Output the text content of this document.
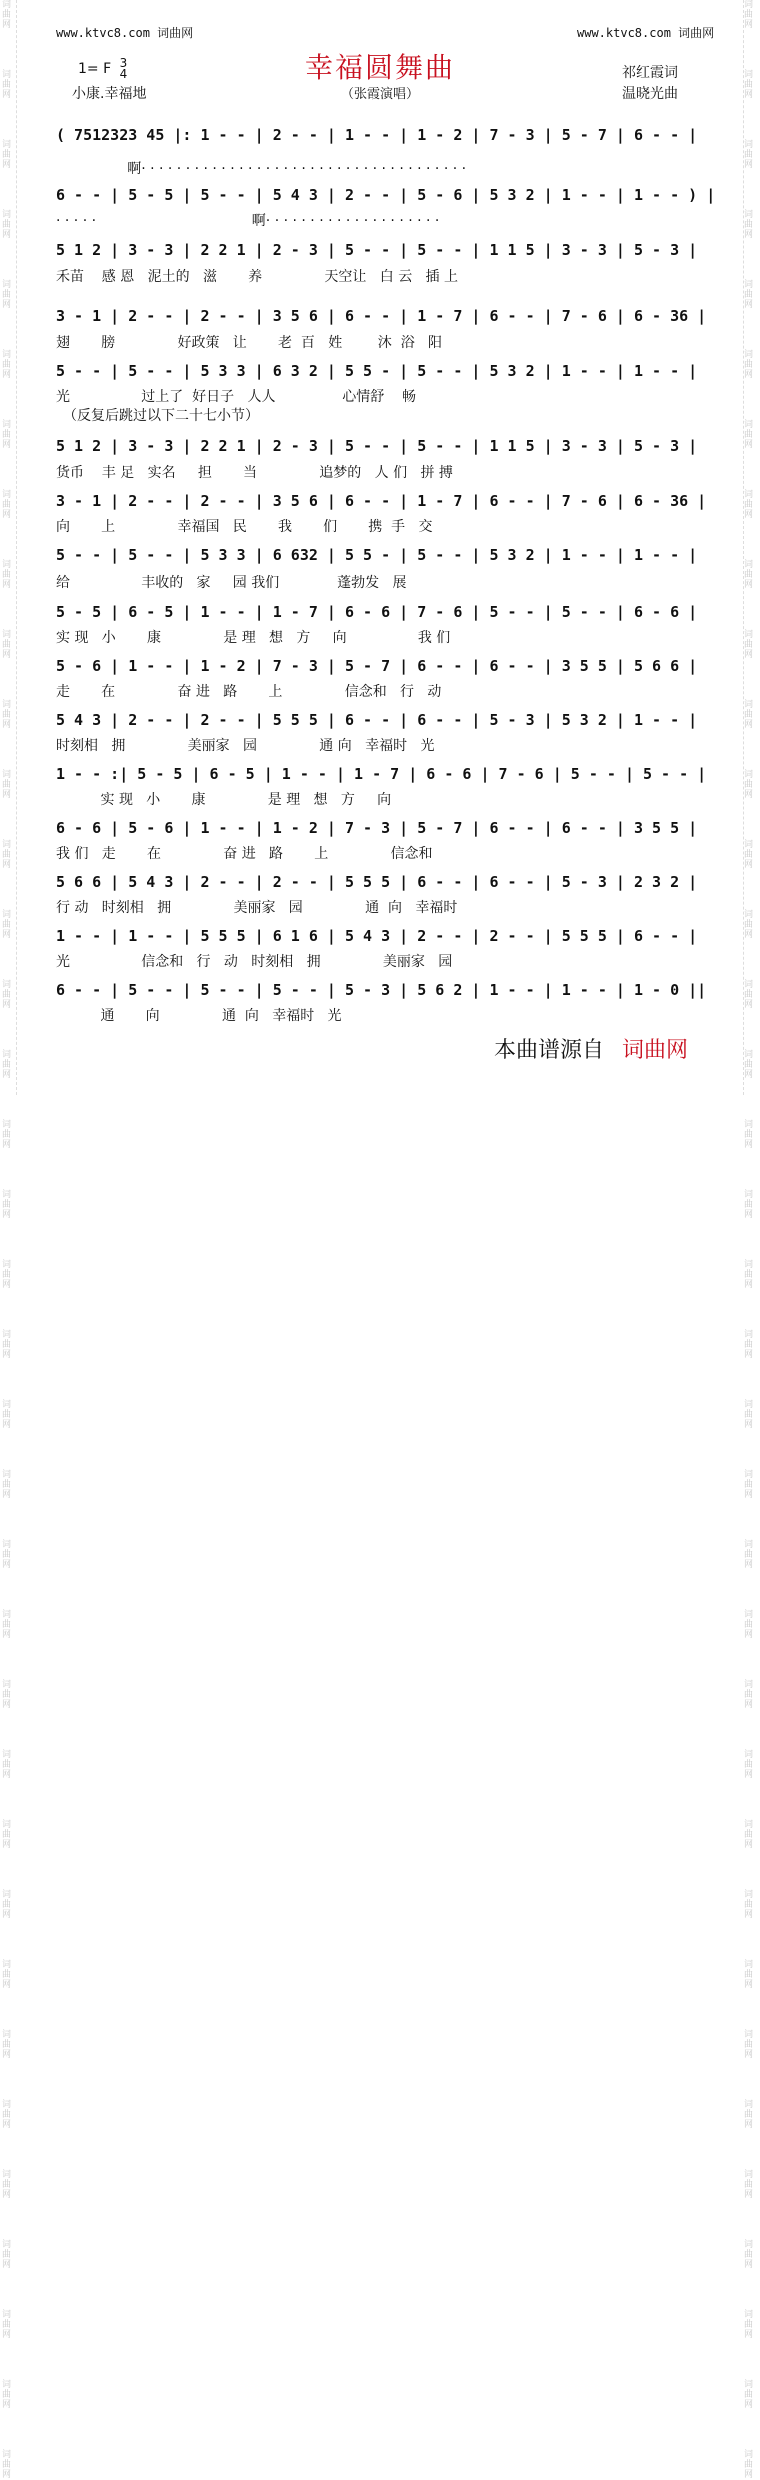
词
曲
网

词
曲
网

词
曲
网

词
曲
网

词
曲
网

词
曲
网

词
曲
网

词
曲
网

词
曲
网

词
曲
网

词
曲
网

词
曲
网

词
曲
网

词
曲
网

词
曲
网

词
曲
网

词
曲
网

词
曲
网

词
曲
网

词
曲
网

词
曲
网

词
曲
网

词
曲
网

词
曲
网

词
曲
网

词
曲
网

词
曲
网

词
曲
网

词
曲
网

词
曲
网

词
曲
网

词
曲
网

词
曲
网

词
曲
网

词
曲
网

词
曲
网

词
曲
网

词
曲
网

词
曲
网

词
曲
网

词
曲
网

词
曲
网

词
曲
网

词
曲
网

词
曲
网

词
曲
网

词
曲
网

词
曲
网

词
曲
网

词
曲
网

词
曲
网

词
曲
网

词
曲
网

词
曲
网

词
曲
网

词
曲
网

词
曲
网

词
曲
网

词
曲
网

词
曲
网

词
曲
网

词
曲
网

词
曲
网

词
曲
网

词
曲
网

词
曲
网

词
曲
网

词
曲
网

词
曲
网

词
曲
网

词
曲
网

词
曲
网

www.ktvc8.com 词曲网	www.ktvc8.com 词曲网
幸福圆舞曲
1= F 3
4
小康.幸福地	（张霞演唱）
祁红霞词
温晓光曲
( 7512323 45 |: 1 - - | 2 - - | 1 - - | 1 - 2 | 7 - 3 | 5 - 7 | 6 - - |
啊· · · · · · · · · · · · · · · · · · · · · · · · · · · · · · · · · · · · ·
6 - - | 5 - 5 | 5 - - | 5 4 3 | 2 - - | 5 - 6 | 5 3 2 | 1 - - | 1 - - ) |
· · · · ·                                   啊· · · · · · · · · · · · · · · · · · · ·
5 1 2 | 3 - 3 | 2 2 1 | 2 - 3 | 5 - - | 5 - - | 1 1 5 | 3 - 3 | 5 - 3 |
禾苗    感 恩   泥土的   滋       养              天空让   白 云   插 上
3 - 1 | 2 - - | 2 - - | 3 5 6 | 6 - - | 1 - 7 | 6 - - | 7 - 6 | 6 - 36 |
翅       膀              好政策   让       老  百   姓        沐  浴   阳
5 - - | 5 - - | 5 3 3 | 6 3 2 | 5 5 - | 5 - - | 5 3 2 | 1 - - | 1 - - |
光                过上了  好日子   人人               心情舒    畅
（反复后跳过以下二十七小节）
5 1 2 | 3 - 3 | 2 2 1 | 2 - 3 | 5 - - | 5 - - | 1 1 5 | 3 - 3 | 5 - 3 |
货币    丰 足   实名     担       当              追梦的   人 们   拼 搏
3 - 1 | 2 - - | 2 - - | 3 5 6 | 6 - - | 1 - 7 | 6 - - | 7 - 6 | 6 - 36 |
向       上              幸福国   民       我       们       携  手   交
5 - - | 5 - - | 5 3 3 | 6 632 | 5 5 - | 5 - - | 5 3 2 | 1 - - | 1 - - |
给                丰收的   家     园 我们             蓬勃发   展
5 - 5 | 6 - 5 | 1 - - | 1 - 7 | 6 - 6 | 7 - 6 | 5 - - | 5 - - | 6 - 6 |
实 现   小       康              是 理   想   方     向                我 们
5 - 6 | 1 - - | 1 - 2 | 7 - 3 | 5 - 7 | 6 - - | 6 - - | 3 5 5 | 5 6 6 |
走       在              奋 进   路       上              信念和   行   动
5 4 3 | 2 - - | 2 - - | 5 5 5 | 6 - - | 6 - - | 5 - 3 | 5 3 2 | 1 - - |
时刻相   拥              美丽家   园              通 向   幸福时   光
1 - - :| 5 - 5 | 6 - 5 | 1 - - | 1 - 7 | 6 - 6 | 7 - 6 | 5 - - | 5 - - |
实 现   小       康              是 理   想   方     向
6 - 6 | 5 - 6 | 1 - - | 1 - 2 | 7 - 3 | 5 - 7 | 6 - - | 6 - - | 3 5 5 |
我 们   走       在              奋 进   路       上              信念和
5 6 6 | 5 4 3 | 2 - - | 2 - - | 5 5 5 | 6 - - | 6 - - | 5 - 3 | 2 3 2 |
行 动   时刻相   拥              美丽家   园              通  向   幸福时
1 - - | 1 - - | 5 5 5 | 6 1 6 | 5 4 3 | 2 - - | 2 - - | 5 5 5 | 6 - - |
光                信念和   行   动   时刻相   拥              美丽家   园
6 - - | 5 - - | 5 - - | 5 - - | 5 - 3 | 5 6 2 | 1 - - | 1 - - | 1 - 0 ||
通       向              通  向   幸福时   光
本曲谱源自 词曲网
